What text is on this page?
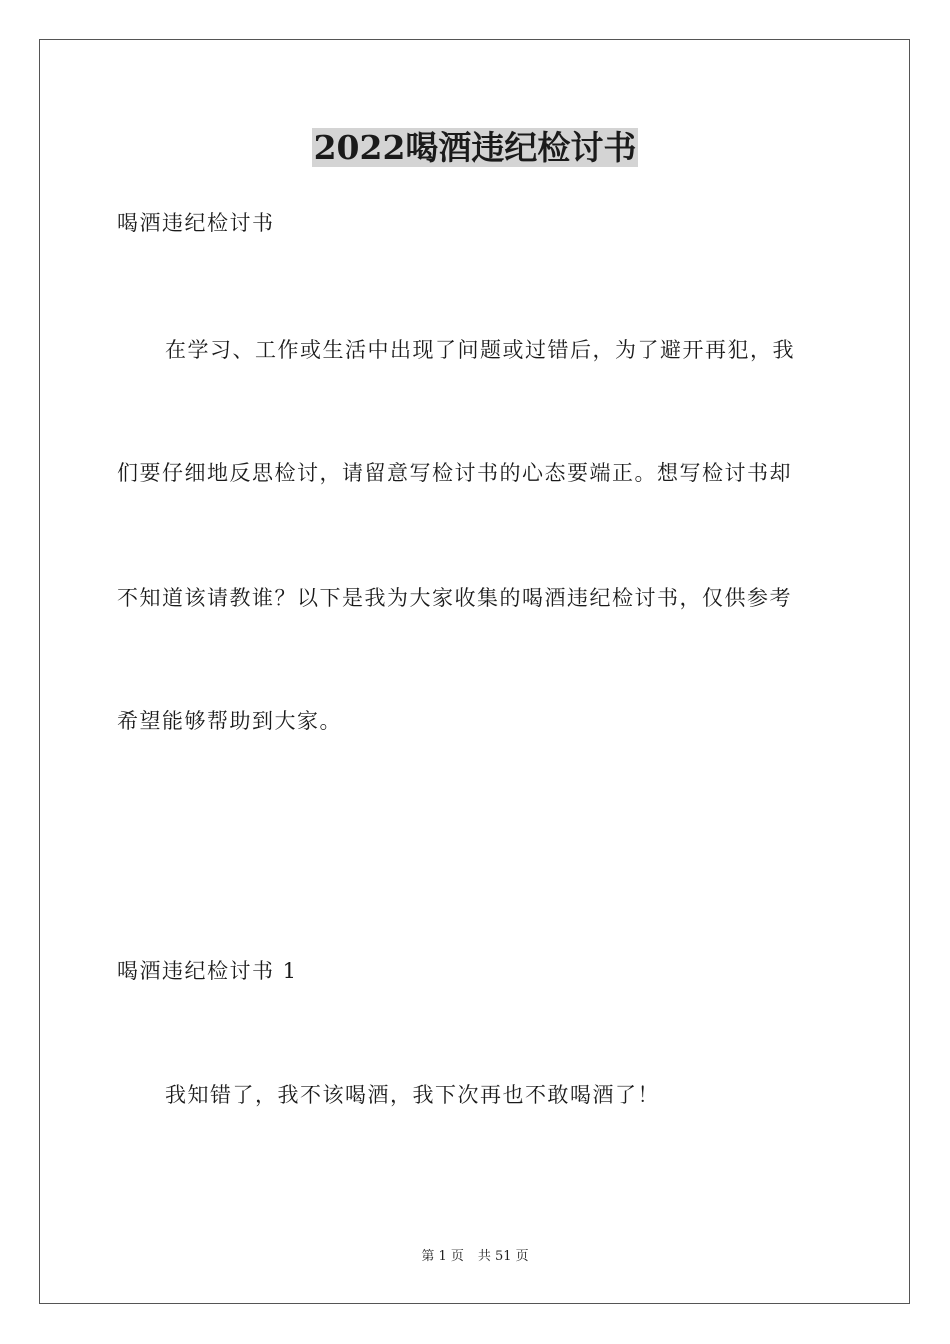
2022喝酒违纪检讨书
喝酒违纪检讨书
在学习、工作或生活中出现了问题或过错后，为了避开再犯，我
们要仔细地反思检讨，请留意写检讨书的心态要端正。想写检讨书却
不知道该请教谁？以下是我为大家收集的喝酒违纪检讨书，仅供参考
希望能够帮助到大家。
喝酒违纪检讨书 1
我知错了，我不该喝酒，我下次再也不敢喝酒了！
第 1 页 共 51 页
